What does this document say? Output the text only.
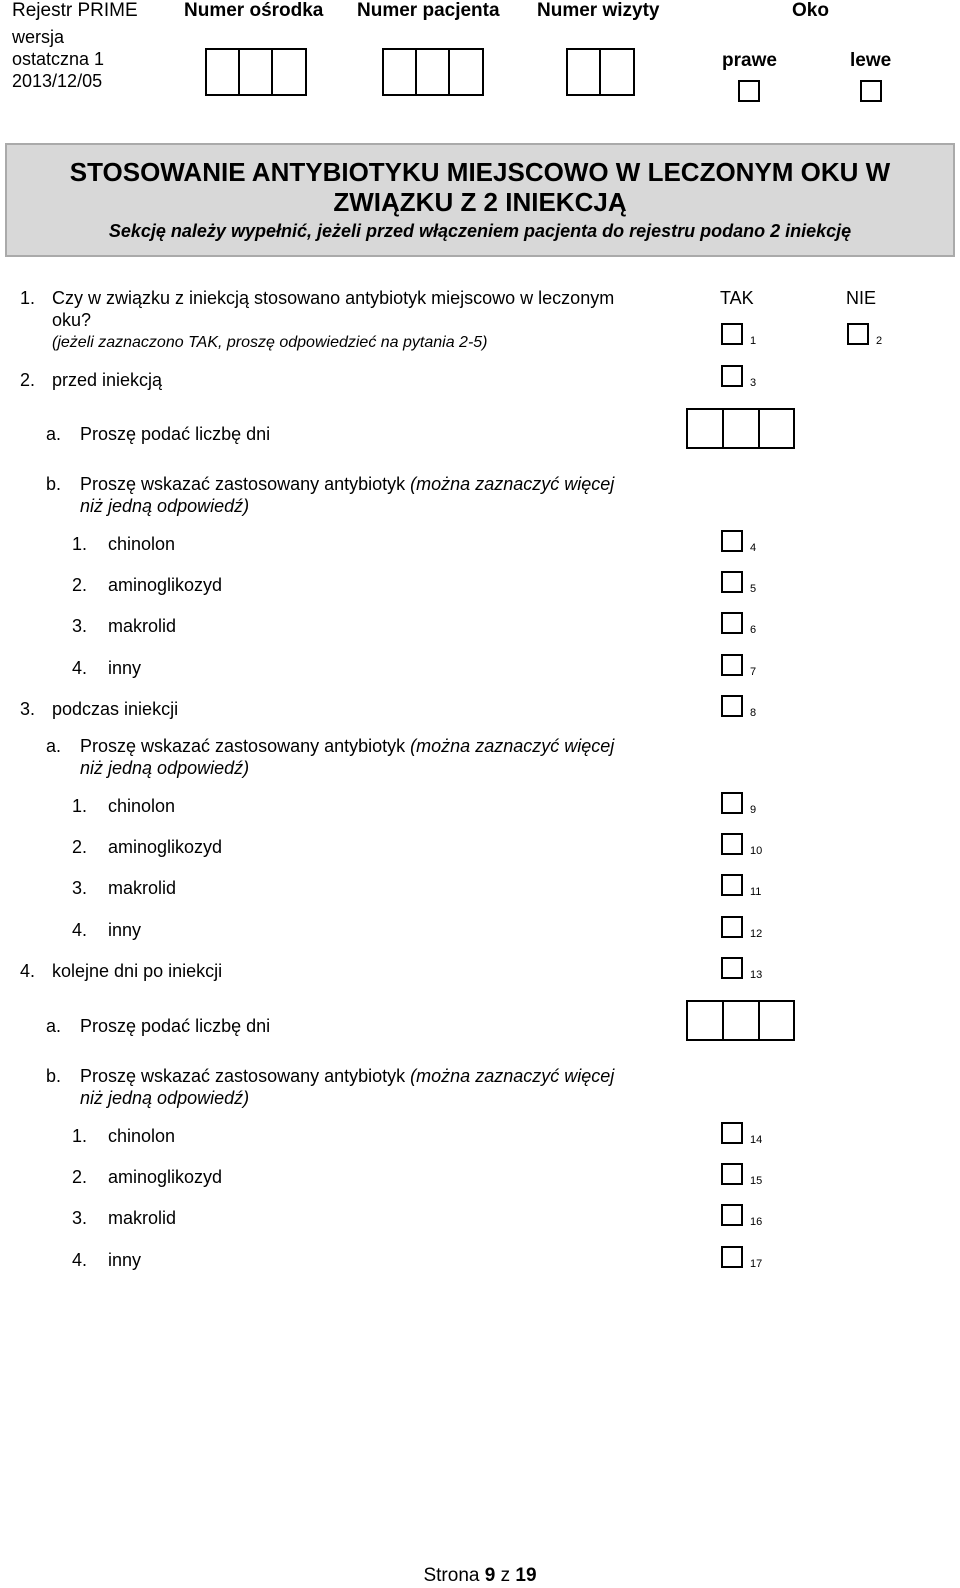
Rejestr PRIME Numer ośrodka Numer pacjenta Numer wizyty	Oko
wersja
ostatczna 1
2013/12/05
prawe	lewe
STOSOWANIE ANTYBIOTYKU MIEJSCOWO W LECZONYM OKU W
ZWIĄZKU Z 2 INIEKCJĄ
Sekcję należy wypełnić, jeżeli przed włączeniem pacjenta do rejestru podano 2 iniekcję
1. Czy w związku z iniekcją stosowano antybiotyk miejscowo w leczonym
oku?
(jeżeli zaznaczono TAK, proszę odpowiedzieć na pytania 2-5)
TAK	NIE
1	2
2. przed iniekcją	3
a. Proszę podać liczbę dni
b. Proszę wskazać zastosowany antybiotyk (można zaznaczyć więcej
niż jedną odpowiedź)
1. chinolon	4
2. aminoglikozyd	5
3. makrolid	6
4. inny	7
3. podczas iniekcji	8
a. Proszę wskazać zastosowany antybiotyk (można zaznaczyć więcej
niż jedną odpowiedź)
1. chinolon	9
2. aminoglikozyd	10
3. makrolid	11
4. inny	12
4. kolejne dni po iniekcji	13
a. Proszę podać liczbę dni
b. Proszę wskazać zastosowany antybiotyk (można zaznaczyć więcej
niż jedną odpowiedź)
1. chinolon	14
2. aminoglikozyd	15
3. makrolid	16
4. inny	17
Strona 9 z 19
